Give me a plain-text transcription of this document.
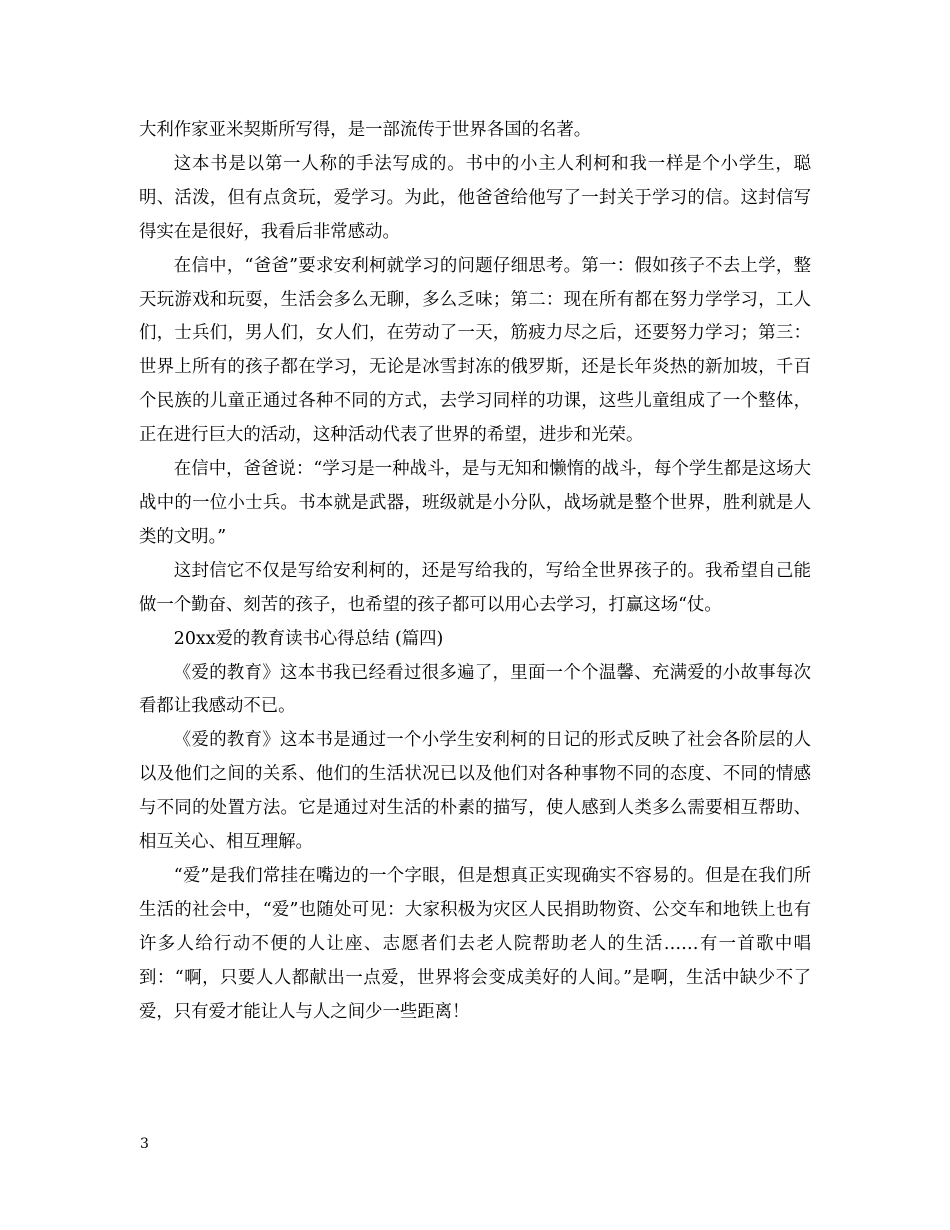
大利作家亚米契斯所写得，是一部流传于世界各国的名著。

这本书是以第一人称的手法写成的。书中的小主人利柯和我一样是个小学生，聪明、活泼，但有点贪玩，爱学习。为此，他爸爸给他写了一封关于学习的信。这封信写得实在是很好，我看后非常感动。

在信中，“爸爸”要求安利柯就学习的问题仔细思考。第一：假如孩子不去上学，整天玩游戏和玩耍，生活会多么无聊，多么乏味；第二：现在所有都在努力学学习，工人们，士兵们，男人们，女人们，在劳动了一天，筋疲力尽之后，还要努力学习；第三：世界上所有的孩子都在学习，无论是冰雪封冻的俄罗斯，还是长年炎热的新加坡，千百个民族的儿童正通过各种不同的方式，去学习同样的功课，这些儿童组成了一个整体，正在进行巨大的活动，这种活动代表了世界的希望，进步和光荣。

在信中，爸爸说：“学习是一种战斗，是与无知和懒惰的战斗，每个学生都是这场大战中的一位小士兵。书本就是武器，班级就是小分队，战场就是整个世界，胜利就是人类的文明。”

这封信它不仅是写给安利柯的，还是写给我的，写给全世界孩子的。我希望自己能做一个勤奋、刻苦的孩子，也希望的孩子都可以用心去学习，打赢这场“仗。

20xx爱的教育读书心得总结 (篇四)

《爱的教育》这本书我已经看过很多遍了，里面一个个温馨、充满爱的小故事每次看都让我感动不已。

《爱的教育》这本书是通过一个小学生安利柯的日记的形式反映了社会各阶层的人以及他们之间的关系、他们的生活状况已以及他们对各种事物不同的态度、不同的情感与不同的处置方法。它是通过对生活的朴素的描写，使人感到人类多么需要相互帮助、相互关心、相互理解。

“爱”是我们常挂在嘴边的一个字眼，但是想真正实现确实不容易的。但是在我们所生活的社会中，“爱”也随处可见：大家积极为灾区人民捐助物资、公交车和地铁上也有许多人给行动不便的人让座、志愿者们去老人院帮助老人的生活……有一首歌中唱到：“啊，只要人人都献出一点爱，世界将会变成美好的人间。”是啊，生活中缺少不了爱，只有爱才能让人与人之间少一些距离！

3
